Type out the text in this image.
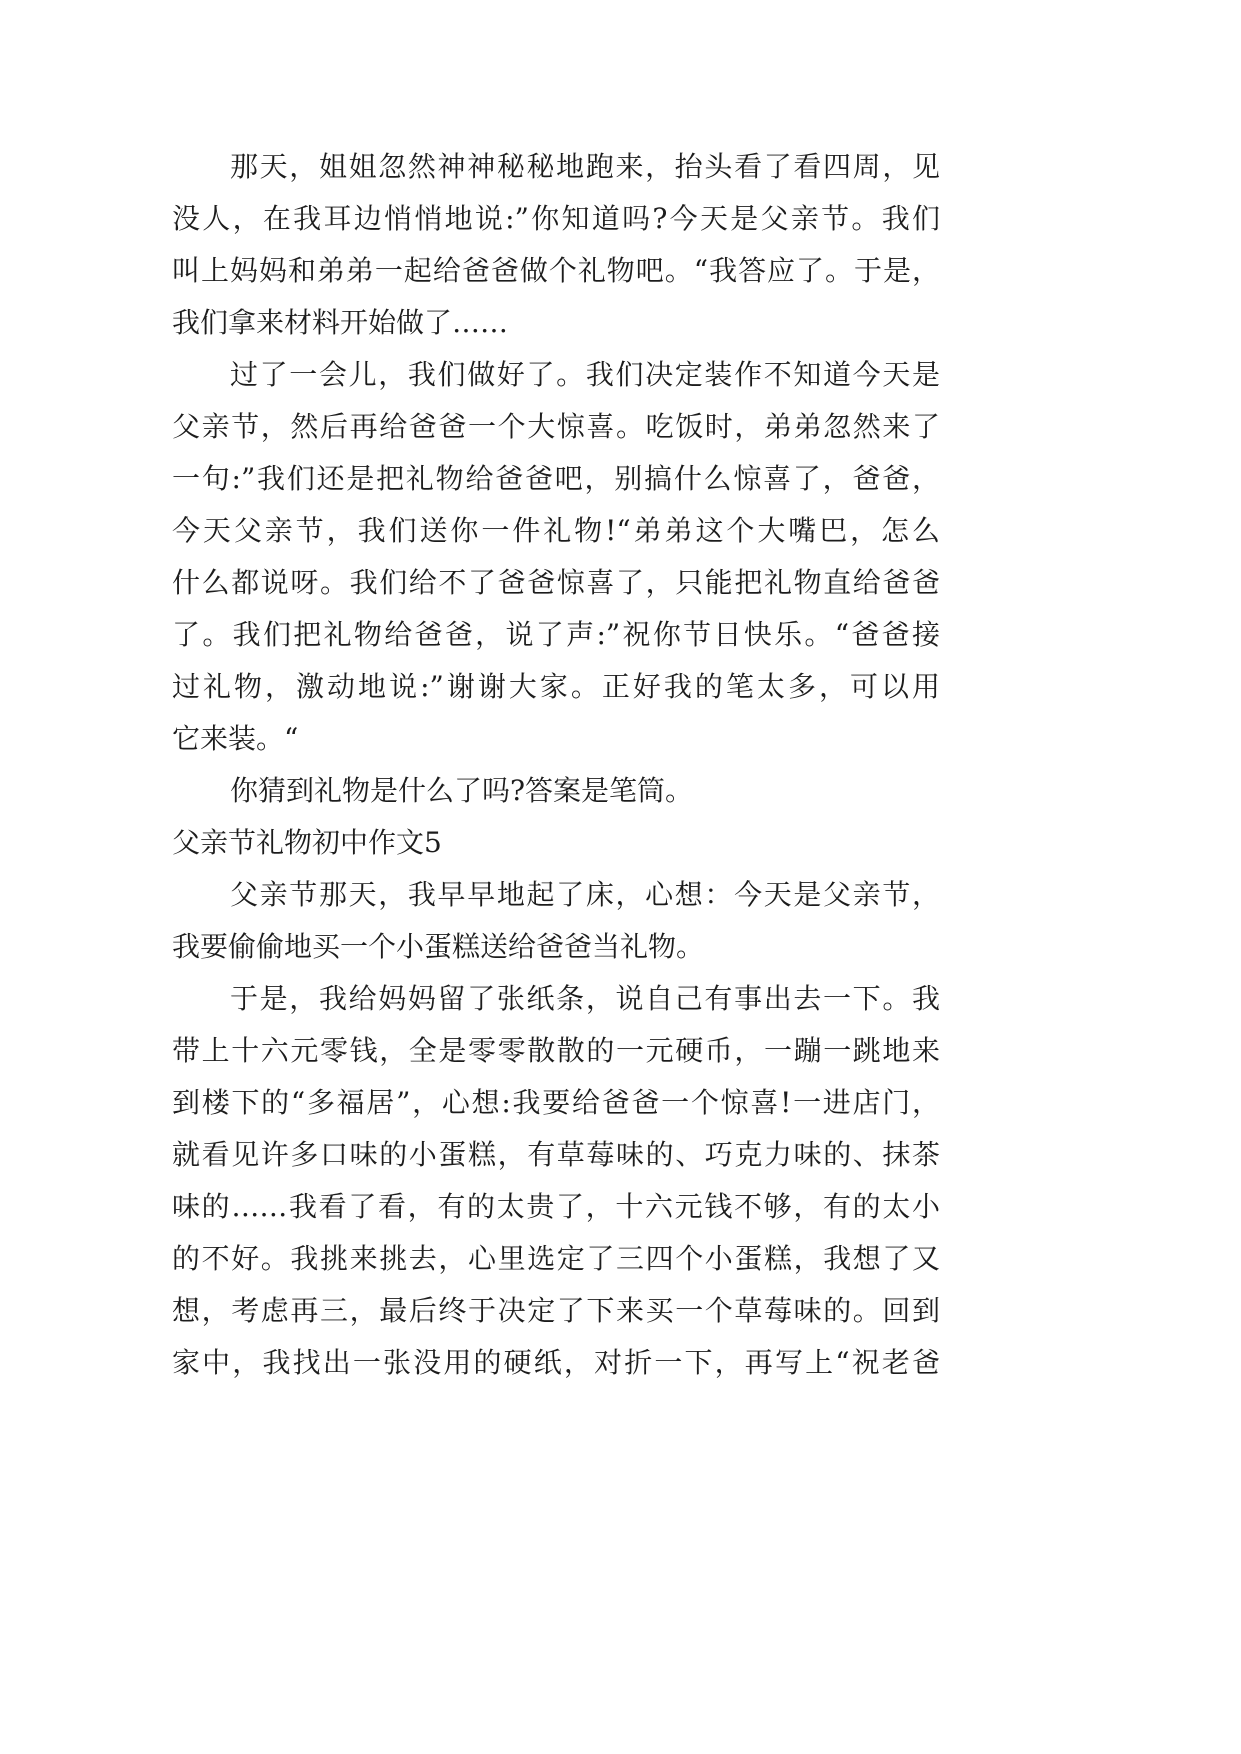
那天，姐姐忽然神神秘秘地跑来，抬头看了看四周，见
没人，在我耳边悄悄地说:”你知道吗?今天是父亲节。我们
叫上妈妈和弟弟一起给爸爸做个礼物吧。“我答应了。于是，
我们拿来材料开始做了……
过了一会儿，我们做好了。我们决定装作不知道今天是
父亲节，然后再给爸爸一个大惊喜。吃饭时，弟弟忽然来了
一句:”我们还是把礼物给爸爸吧，别搞什么惊喜了，爸爸，
今天父亲节，我们送你一件礼物!“弟弟这个大嘴巴，怎么
什么都说呀。我们给不了爸爸惊喜了，只能把礼物直给爸爸
了。我们把礼物给爸爸，说了声:”祝你节日快乐。“爸爸接
过礼物，激动地说:”谢谢大家。正好我的笔太多，可以用
它来装。“
你猜到礼物是什么了吗?答案是笔筒。
父亲节礼物初中作文5
父亲节那天，我早早地起了床，心想：今天是父亲节，
我要偷偷地买一个小蛋糕送给爸爸当礼物。
于是，我给妈妈留了张纸条，说自己有事出去一下。我
带上十六元零钱，全是零零散散的一元硬币，一蹦一跳地来
到楼下的“多福居”，心想:我要给爸爸一个惊喜!一进店门，
就看见许多口味的小蛋糕，有草莓味的、巧克力味的、抹茶
味的……我看了看，有的太贵了，十六元钱不够，有的太小
的不好。我挑来挑去，心里选定了三四个小蛋糕，我想了又
想，考虑再三，最后终于决定了下来买一个草莓味的。回到
家中，我找出一张没用的硬纸，对折一下，再写上“祝老爸
